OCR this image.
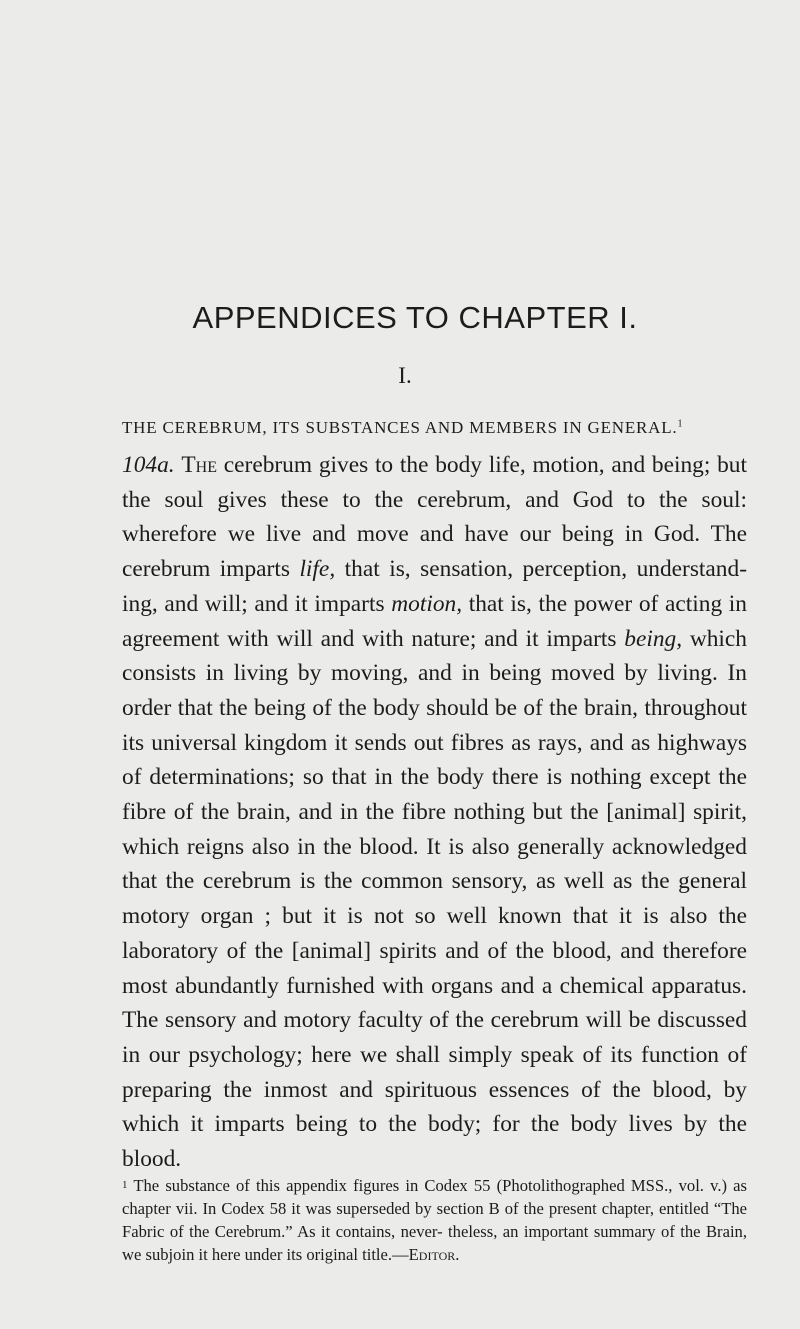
APPENDICES TO CHAPTER I.
I.
THE CEREBRUM, ITS SUBSTANCES AND MEMBERS IN GENERAL.$^1$

104a. The cerebrum gives to the body life, motion, and being; but the soul gives these to the cerebrum, and God to the soul: wherefore we live and move and have our being in God. The cerebrum imparts life, that is, sensation, perception, understand- ing, and will; and it imparts motion, that is, the power of acting in agreement with will and with nature; and it imparts being, which consists in living by moving, and in being moved by living. In order that the being of the body should be of the brain, throughout its universal kingdom it sends out fibres as rays, and as highways of determinations; so that in the body there is nothing except the fibre of the brain, and in the fibre nothing but the [animal] spirit, which reigns also in the blood. It is also generally acknowledged that the cerebrum is the common sensory, as well as the general motory organ ; but it is not so well known that it is also the laboratory of the [animal] spirits and of the blood, and therefore most abundantly furnished with organs and a chemical apparatus. The sensory and motory faculty of the cerebrum will be discussed in our psychology; here we shall simply speak of its function of preparing the inmost and spirituous essences of the blood, by which it imparts being to the body; for the body lives by the blood.

$^1$ The substance of this appendix figures in Codex 55 (Photolithographed MSS., vol. v.) as chapter vii. In Codex 58 it was superseded by section B of the present chapter, entitled “The Fabric of the Cerebrum.” As it contains, never- theless, an important summary of the Brain, we subjoin it here under its original title.—Editor.
